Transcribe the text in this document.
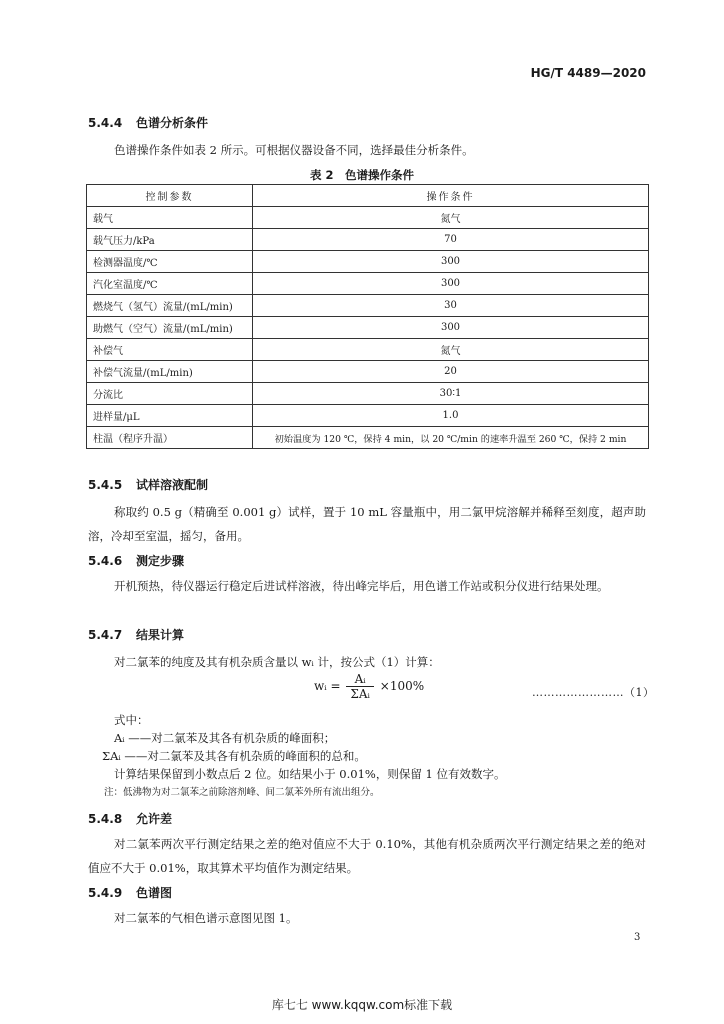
HG/T 4489—2020
5.4.4 色谱分析条件
色谱操作条件如表 2 所示。可根据仪器设备不同，选择最佳分析条件。
表 2　色谱操作条件
控制参数	操作条件
载气	氮气
载气压力/kPa	70
检测器温度/℃	300
汽化室温度/℃	300
燃烧气（氢气）流量/(mL/min)	30
助燃气（空气）流量/(mL/min)	300
补偿气	氮气
补偿气流量/(mL/min)	20
分流比	30∶1
进样量/μL	1.0
柱温（程序升温）	初始温度为 120 ℃，保持 4 min，以 20 ℃/min 的速率升温至 260 ℃，保持 2 min
5.4.5 试样溶液配制
称取约 0.5 g（精确至 0.001 g）试样，置于 10 mL 容量瓶中，用二氯甲烷溶解并稀释至刻度，超声助溶，冷却至室温，摇匀，备用。
5.4.6 测定步骤
开机预热，待仪器运行稳定后进试样溶液，待出峰完毕后，用色谱工作站或积分仪进行结果处理。
5.4.7 结果计算
对二氯苯的纯度及其有机杂质含量以 wᵢ 计，按公式（1）计算：
wᵢ = $\frac{\text{Aᵢ}}{\text{ΣAᵢ}} \times 100\%$	……………………（1）
式中：
Aᵢ ——对二氯苯及其各有机杂质的峰面积；
ΣAᵢ ——对二氯苯及其各有机杂质的峰面积的总和。
计算结果保留到小数点后 2 位。如结果小于 0.01%，则保留 1 位有效数字。
注：低沸物为对二氯苯之前除溶剂峰、间二氯苯外所有流出组分。
5.4.8 允许差
对二氯苯两次平行测定结果之差的绝对值应不大于 0.10%，其他有机杂质两次平行测定结果之差的绝对值应不大于 0.01%，取其算术平均值作为测定结果。
5.4.9 色谱图
对二氯苯的气相色谱示意图见图 1。
3
库七七 www.kqqw.com标准下载
